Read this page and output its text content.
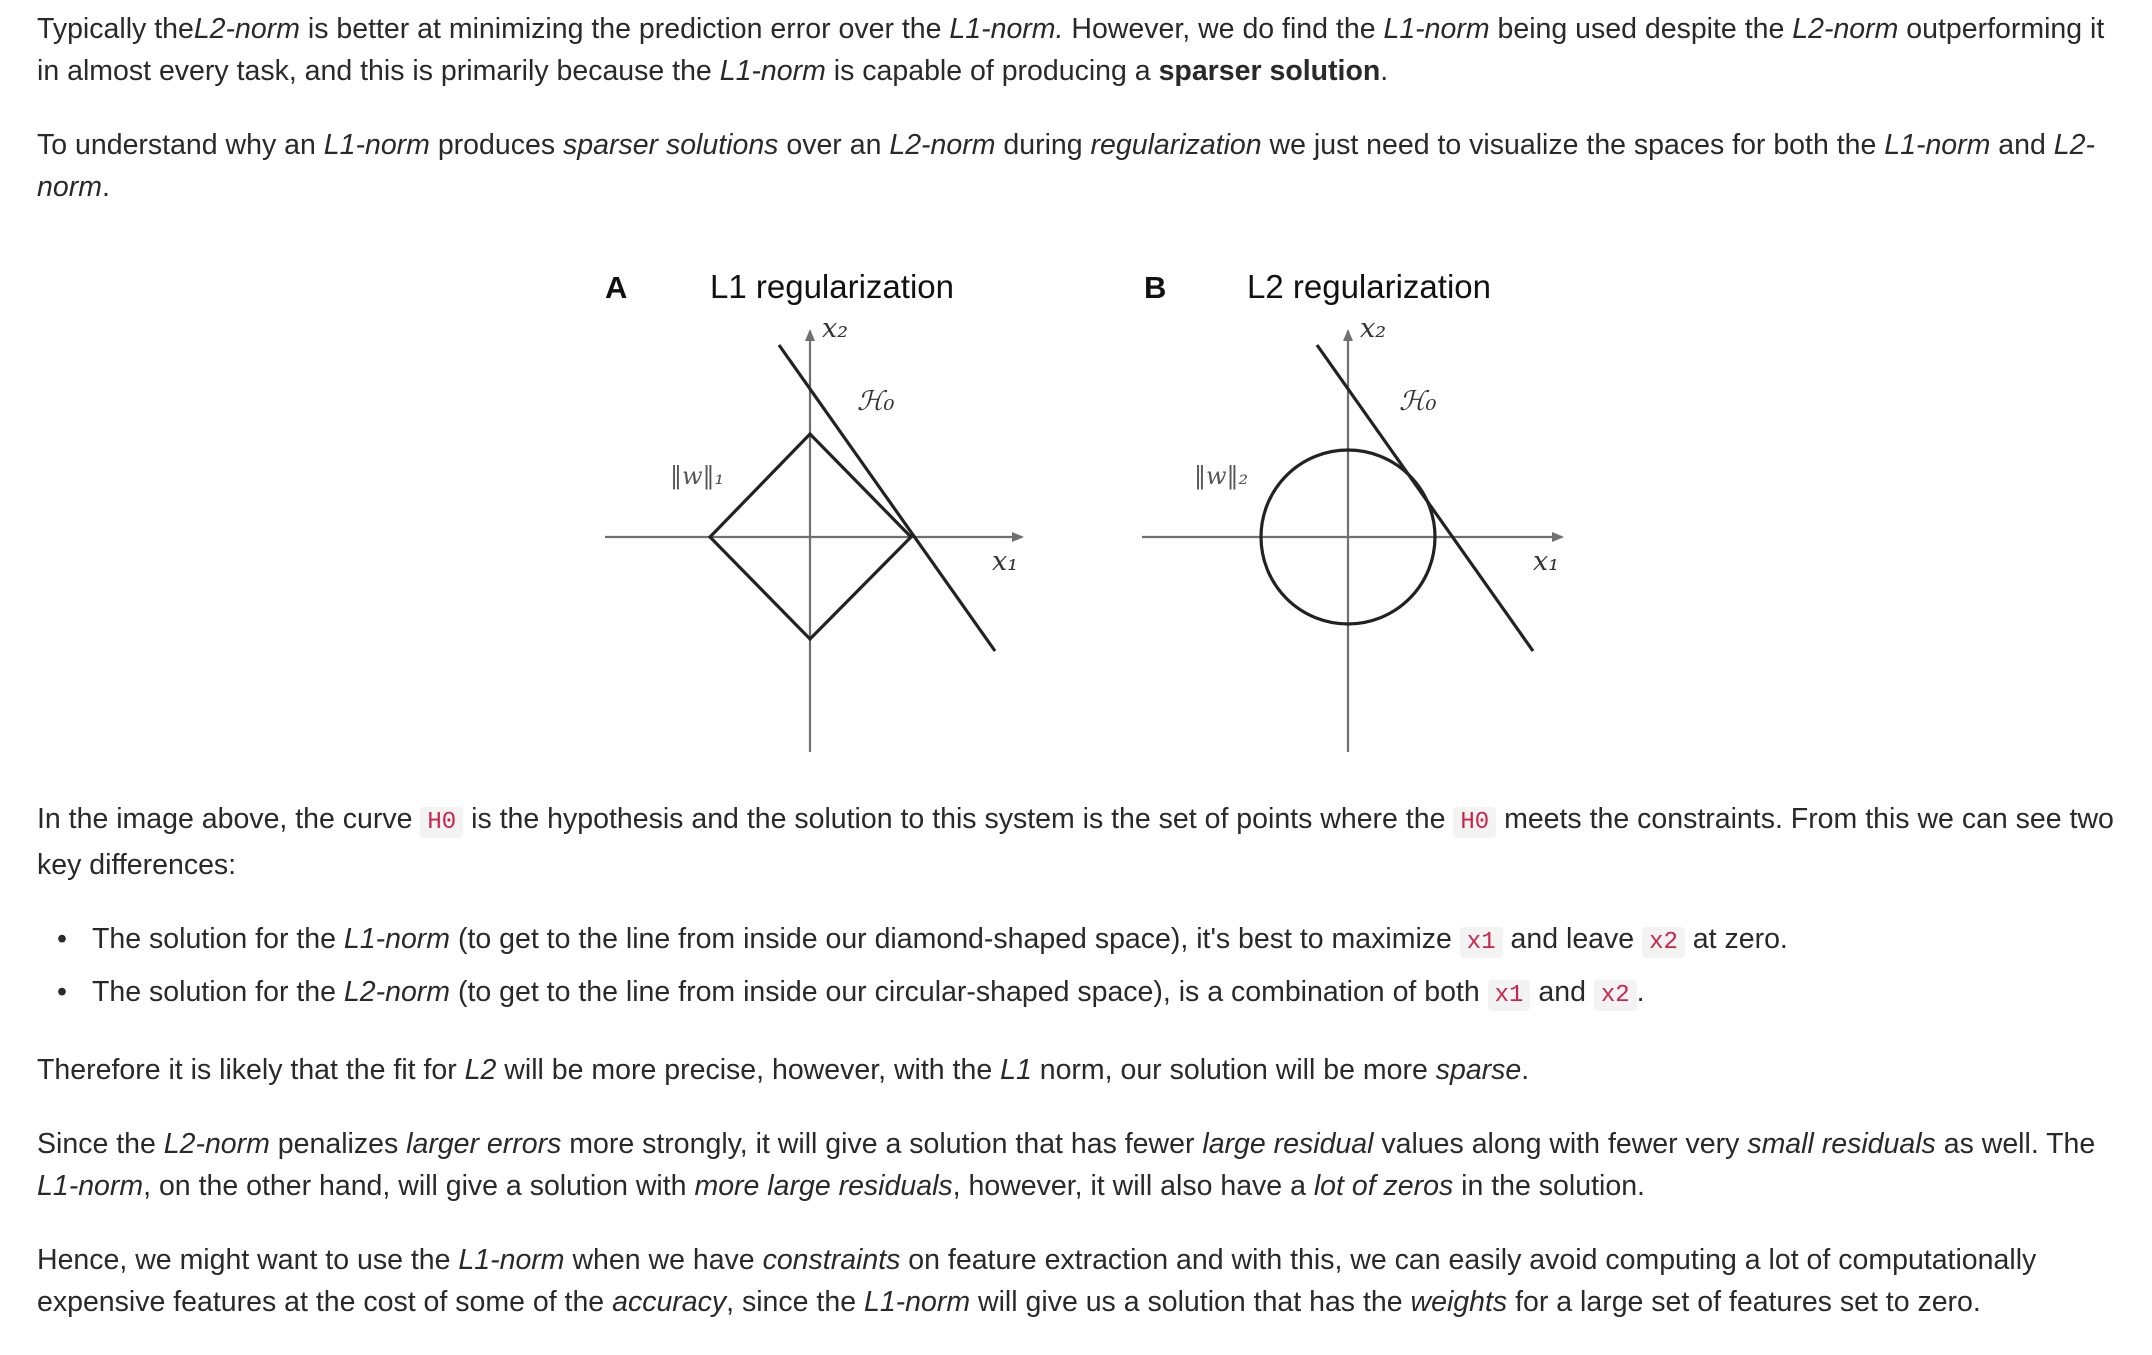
Typically theL2-norm is better at minimizing the prediction error over the L1-norm. However, we do find the L1-norm being used despite the L2-norm outperforming it in almost every task, and this is primarily because the L1-norm is capable of producing a sparser solution.

To understand why an L1-norm produces sparser solutions over an L2-norm during regularization we just need to visualize the spaces for both the L1-norm and L2-norm.

A	L1 regularization
x₂
ℋ₀
‖w‖₁
x₁
B L2 regularization
x₂
ℋ₀
‖w‖₂
x₁

In the image above, the curve H0 is the hypothesis and the solution to this system is the set of points where the H0 meets the constraints. From this we can see two key differences:

• The solution for the L1-norm (to get to the line from inside our diamond-shaped space), it's best to maximize x1 and leave x2 at zero.
• The solution for the L2-norm (to get to the line from inside our circular-shaped space), is a combination of both x1 and x2 .

Therefore it is likely that the fit for L2 will be more precise, however, with the L1 norm, our solution will be more sparse.

Since the L2-norm penalizes larger errors more strongly, it will give a solution that has fewer large residual values along with fewer very small residuals as well. The L1-norm, on the other hand, will give a solution with more large residuals, however, it will also have a lot of zeros in the solution.

Hence, we might want to use the L1-norm when we have constraints on feature extraction and with this, we can easily avoid computing a lot of computationally expensive features at the cost of some of the accuracy, since the L1-norm will give us a solution that has the weights for a large set of features set to zero.
